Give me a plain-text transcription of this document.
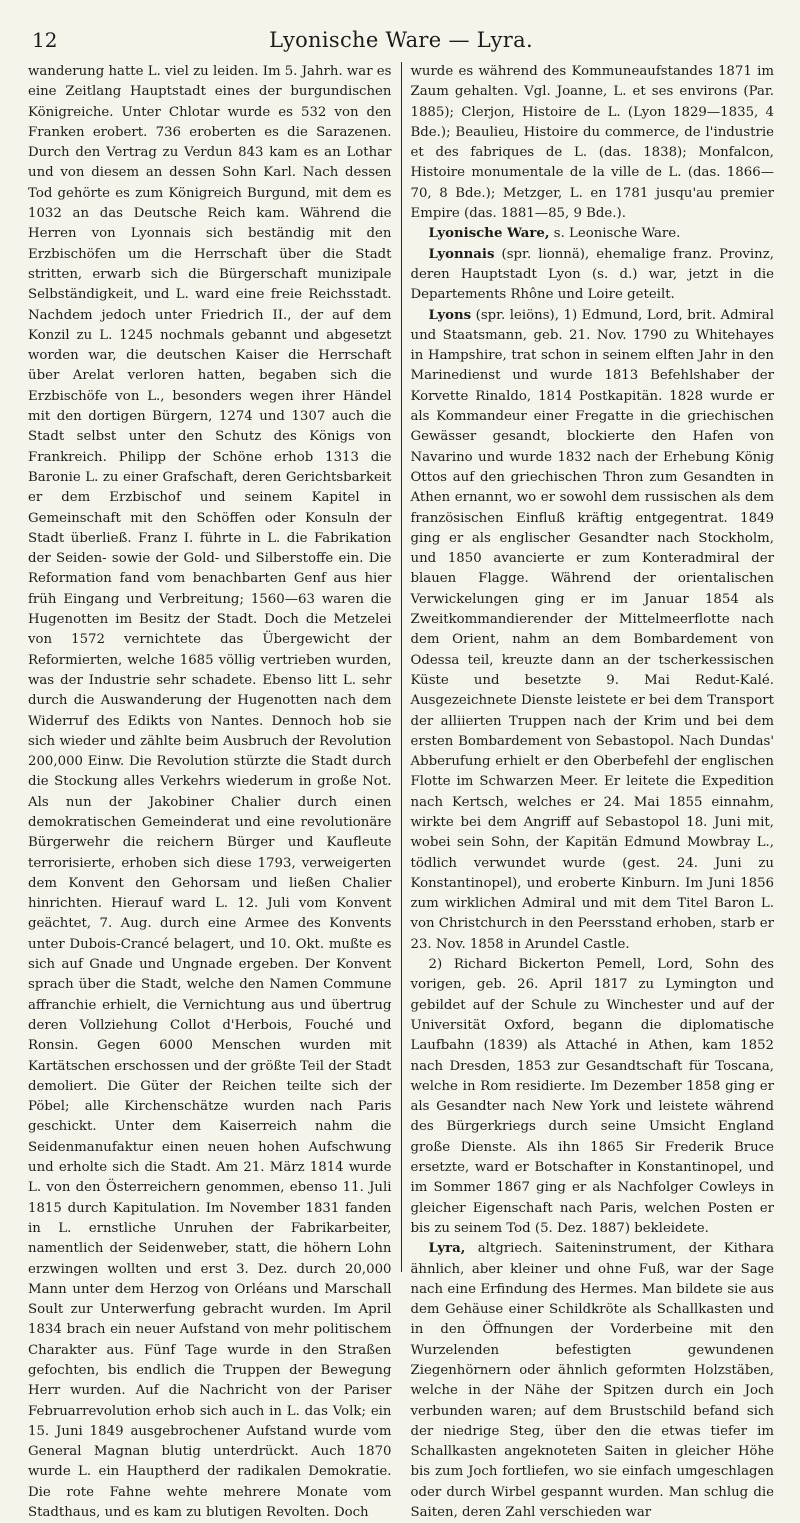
12	Lyonische Ware — Lyra.

wanderung hatte L. viel zu leiden. Im 5. Jahrh. war es eine Zeitlang Hauptstadt eines der burgundischen Königreiche. Unter Chlotar wurde es 532 von den Franken erobert. 736 eroberten es die Sarazenen. Durch den Vertrag zu Verdun 843 kam es an Lothar und von diesem an dessen Sohn Karl. Nach dessen Tod gehörte es zum Königreich Burgund, mit dem es 1032 an das Deutsche Reich kam. Während die Herren von Lyonnais sich beständig mit den Erzbischöfen um die Herrschaft über die Stadt stritten, erwarb sich die Bürgerschaft munizipale Selbständigkeit, und L. ward eine freie Reichsstadt. Nachdem jedoch unter Friedrich II., der auf dem Konzil zu L. 1245 nochmals gebannt und abgesetzt worden war, die deutschen Kaiser die Herrschaft über Arelat verloren hatten, begaben sich die Erzbischöfe von L., besonders wegen ihrer Händel mit den dortigen Bürgern, 1274 und 1307 auch die Stadt selbst unter den Schutz des Königs von Frankreich. Philipp der Schöne erhob 1313 die Baronie L. zu einer Grafschaft, deren Gerichtsbarkeit er dem Erzbischof und seinem Kapitel in Gemeinschaft mit den Schöffen oder Konsuln der Stadt überließ. Franz I. führte in L. die Fabrikation der Seiden- sowie der Gold- und Silberstoffe ein. Die Reformation fand vom benachbarten Genf aus hier früh Eingang und Verbreitung; 1560—63 waren die Hugenotten im Besitz der Stadt. Doch die Metzelei von 1572 vernichtete das Übergewicht der Reformierten, welche 1685 völlig vertrieben wurden, was der Industrie sehr schadete. Ebenso litt L. sehr durch die Auswanderung der Hugenotten nach dem Widerruf des Edikts von Nantes. Dennoch hob sie sich wieder und zählte beim Ausbruch der Revolution 200,000 Einw. Die Revolution stürzte die Stadt durch die Stockung alles Verkehrs wiederum in große Not. Als nun der Jakobiner Chalier durch einen demokratischen Gemeinderat und eine revolutionäre Bürgerwehr die reichern Bürger und Kaufleute terrorisierte, erhoben sich diese 1793, verweigerten dem Konvent den Gehorsam und ließen Chalier hinrichten. Hierauf ward L. 12. Juli vom Konvent geächtet, 7. Aug. durch eine Armee des Konvents unter Dubois-Crancé belagert, und 10. Okt. mußte es sich auf Gnade und Ungnade ergeben. Der Konvent sprach über die Stadt, welche den Namen Commune affranchie erhielt, die Vernichtung aus und übertrug deren Vollziehung Collot d'Herbois, Fouché und Ronsin. Gegen 6000 Menschen wurden mit Kartätschen erschossen und der größte Teil der Stadt demoliert. Die Güter der Reichen teilte sich der Pöbel; alle Kirchenschätze wurden nach Paris geschickt. Unter dem Kaiserreich nahm die Seidenmanufaktur einen neuen hohen Aufschwung und erholte sich die Stadt. Am 21. März 1814 wurde L. von den Österreichern genommen, ebenso 11. Juli 1815 durch Kapitulation. Im November 1831 fanden in L. ernstliche Unruhen der Fabrikarbeiter, namentlich der Seidenweber, statt, die höhern Lohn erzwingen wollten und erst 3. Dez. durch 20,000 Mann unter dem Herzog von Orléans und Marschall Soult zur Unterwerfung gebracht wurden. Im April 1834 brach ein neuer Aufstand von mehr politischem Charakter aus. Fünf Tage wurde in den Straßen gefochten, bis endlich die Truppen der Bewegung Herr wurden. Auf die Nachricht von der Pariser Februarrevolution erhob sich auch in L. das Volk; ein 15. Juni 1849 ausgebrochener Aufstand wurde vom General Magnan blutig unterdrückt. Auch 1870 wurde L. ein Hauptherd der radikalen Demokratie. Die rote Fahne wehte mehrere Monate vom Stadthaus, und es kam zu blutigen Revolten. Doch

wurde es während des Kommuneaufstandes 1871 im Zaum gehalten. Vgl. Joanne, L. et ses environs (Par. 1885); Clerjon, Histoire de L. (Lyon 1829—1835, 4 Bde.); Beaulieu, Histoire du commerce, de l'industrie et des fabriques de L. (das. 1838); Monfalcon, Histoire monumentale de la ville de L. (das. 1866—70, 8 Bde.); Metzger, L. en 1781 jusqu'au premier Empire (das. 1881—85, 9 Bde.).

Lyonische Ware, s. Leonische Ware.

Lyonnais (spr. lionnä), ehemalige franz. Provinz, deren Hauptstadt Lyon (s. d.) war, jetzt in die Departements Rhône und Loire geteilt.

Lyons (spr. leiöns), 1) Edmund, Lord, brit. Admiral und Staatsmann, geb. 21. Nov. 1790 zu Whitehayes in Hampshire, trat schon in seinem elften Jahr in den Marinedienst und wurde 1813 Befehlshaber der Korvette Rinaldo, 1814 Postkapitän. 1828 wurde er als Kommandeur einer Fregatte in die griechischen Gewässer gesandt, blockierte den Hafen von Navarino und wurde 1832 nach der Erhebung König Ottos auf den griechischen Thron zum Gesandten in Athen ernannt, wo er sowohl dem russischen als dem französischen Einfluß kräftig entgegentrat. 1849 ging er als englischer Gesandter nach Stockholm, und 1850 avancierte er zum Konteradmiral der blauen Flagge. Während der orientalischen Verwickelungen ging er im Januar 1854 als Zweitkommandierender der Mittelmeerflotte nach dem Orient, nahm an dem Bombardement von Odessa teil, kreuzte dann an der tscherkessischen Küste und besetzte 9. Mai Redut-Kalé. Ausgezeichnete Dienste leistete er bei dem Transport der alliierten Truppen nach der Krim und bei dem ersten Bombardement von Sebastopol. Nach Dundas' Abberufung erhielt er den Oberbefehl der englischen Flotte im Schwarzen Meer. Er leitete die Expedition nach Kertsch, welches er 24. Mai 1855 einnahm, wirkte bei dem Angriff auf Sebastopol 18. Juni mit, wobei sein Sohn, der Kapitän Edmund Mowbray L., tödlich verwundet wurde (gest. 24. Juni zu Konstantinopel), und eroberte Kinburn. Im Juni 1856 zum wirklichen Admiral und mit dem Titel Baron L. von Christchurch in den Peersstand erhoben, starb er 23. Nov. 1858 in Arundel Castle.

2) Richard Bickerton Pemell, Lord, Sohn des vorigen, geb. 26. April 1817 zu Lymington und gebildet auf der Schule zu Winchester und auf der Universität Oxford, begann die diplomatische Laufbahn (1839) als Attaché in Athen, kam 1852 nach Dresden, 1853 zur Gesandtschaft für Toscana, welche in Rom residierte. Im Dezember 1858 ging er als Gesandter nach New York und leistete während des Bürgerkriegs durch seine Umsicht England große Dienste. Als ihn 1865 Sir Frederik Bruce ersetzte, ward er Botschafter in Konstantinopel, und im Sommer 1867 ging er als Nachfolger Cowleys in gleicher Eigenschaft nach Paris, welchen Posten er bis zu seinem Tod (5. Dez. 1887) bekleidete.

Lyra, altgriech. Saiteninstrument, der Kithara ähnlich, aber kleiner und ohne Fuß, war der Sage nach eine Erfindung des Hermes. Man bildete sie aus dem Gehäuse einer Schildkröte als Schallkasten und in den Öffnungen der Vorderbeine mit den Wurzelenden befestigten gewundenen Ziegenhörnern oder ähnlich geformten Holzstäben, welche in der Nähe der Spitzen durch ein Joch verbunden waren; auf dem Brustschild befand sich der niedrige Steg, über den die etwas tiefer im Schallkasten angeknoteten Saiten in gleicher Höhe bis zum Joch fortliefen, wo sie einfach umgeschlagen oder durch Wirbel gespannt wurden. Man schlug die Saiten, deren Zahl verschieden war
